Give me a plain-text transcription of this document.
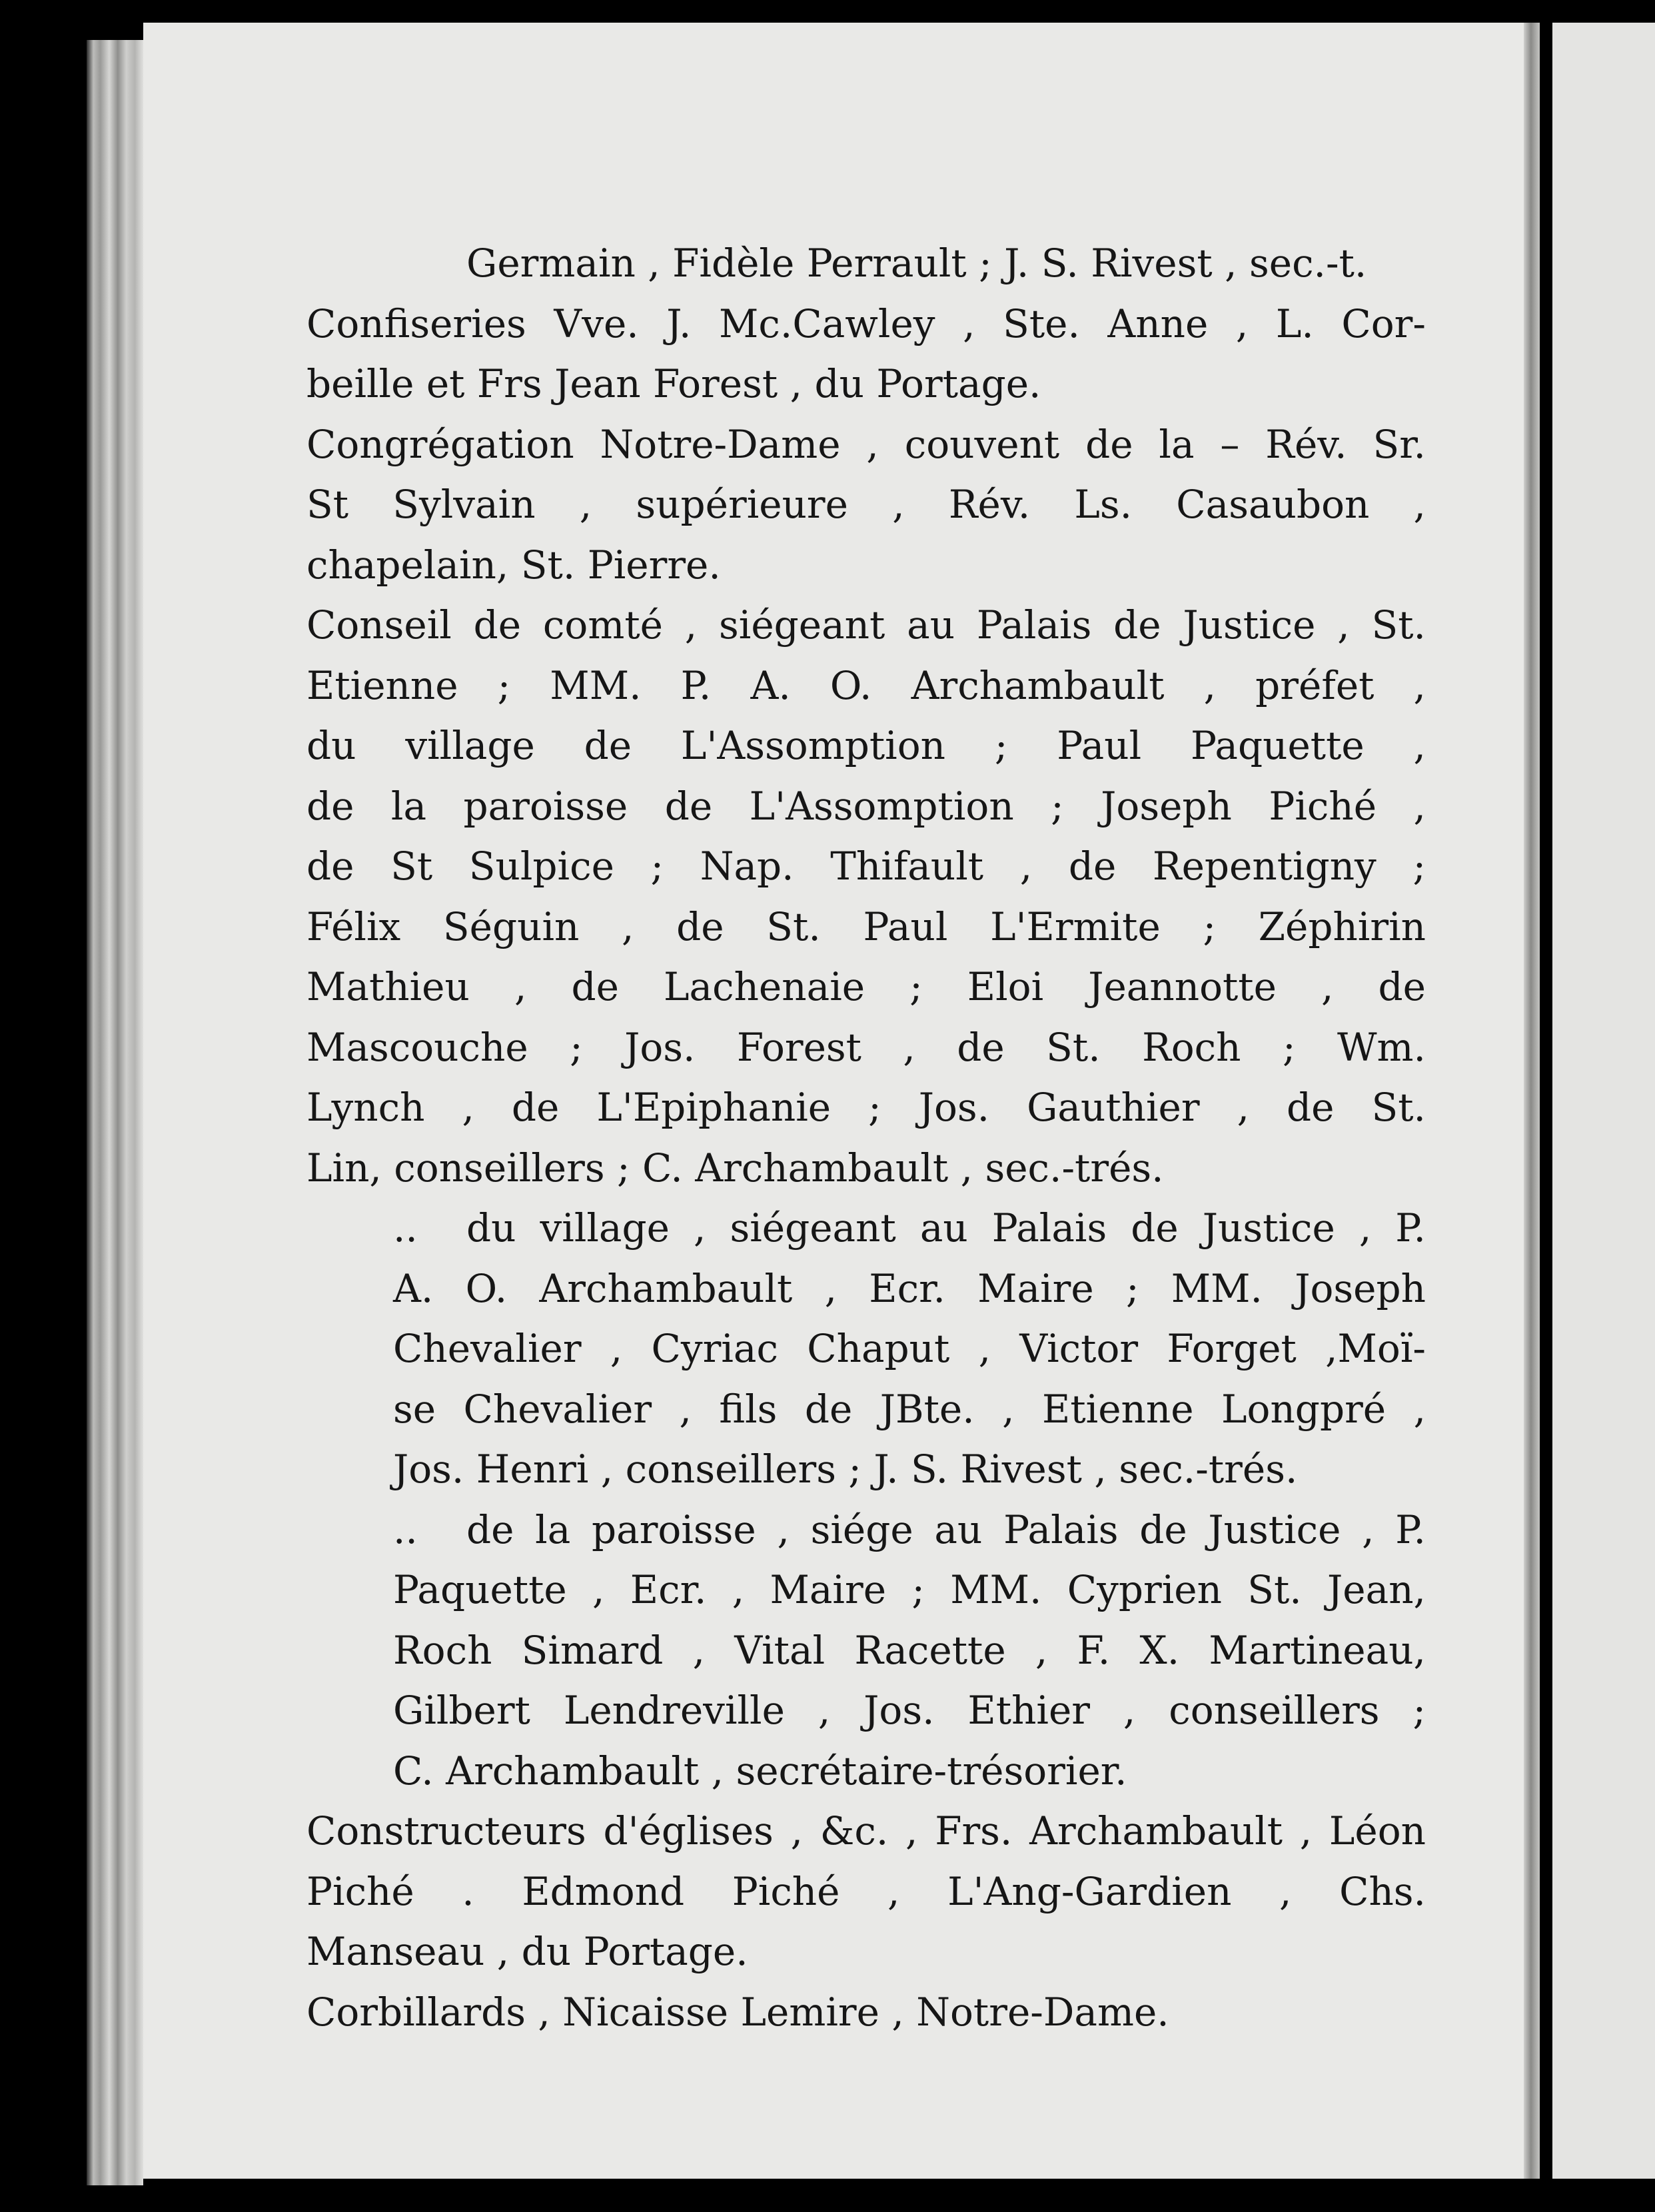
Germain , Fidèle Perrault ; J. S. Rivest , sec.-t.

Confiseries Vve. J. Mc.Cawley , Ste. Anne , L. Cor-
beille et Frs Jean Forest , du Portage.

Congrégation Notre-Dame , couvent de la – Rév. Sr.
St Sylvain , supérieure , Rév. Ls. Casaubon ,
chapelain, St. Pierre.

Conseil de comté , siégeant au Palais de Justice , St.
Etienne ; MM. P. A. O. Archambault , préfet ,
du village de L'Assomption ; Paul Paquette ,
de la paroisse de L'Assomption ; Joseph Piché ,
de St Sulpice ; Nap. Thifault , de Repentigny ;
Félix Séguin , de St. Paul L'Ermite ; Zéphirin
Mathieu , de Lachenaie ; Eloi Jeannotte , de
Mascouche ; Jos. Forest , de St. Roch ; Wm.
Lynch , de L'Epiphanie ; Jos. Gauthier , de St.
Lin, conseillers ; C. Archambault , sec.-trés.

.. du village , siégeant au Palais de Justice , P.
A. O. Archambault , Ecr. Maire ; MM. Joseph
Chevalier , Cyriac Chaput , Victor Forget ,Moï-
se Chevalier , fils de JBte. , Etienne Longpré ,
Jos. Henri , conseillers ; J. S. Rivest , sec.-trés.

.. de la paroisse , siége au Palais de Justice , P.
Paquette , Ecr. , Maire ; MM. Cyprien St. Jean,
Roch Simard , Vital Racette , F. X. Martineau,
Gilbert Lendreville , Jos. Ethier , conseillers ;
C. Archambault , secrétaire-trésorier.

Constructeurs d'églises , &c. , Frs. Archambault , Léon
Piché . Edmond Piché , L'Ang-Gardien , Chs.
Manseau , du Portage.

Corbillards , Nicaisse Lemire , Notre-Dame.
